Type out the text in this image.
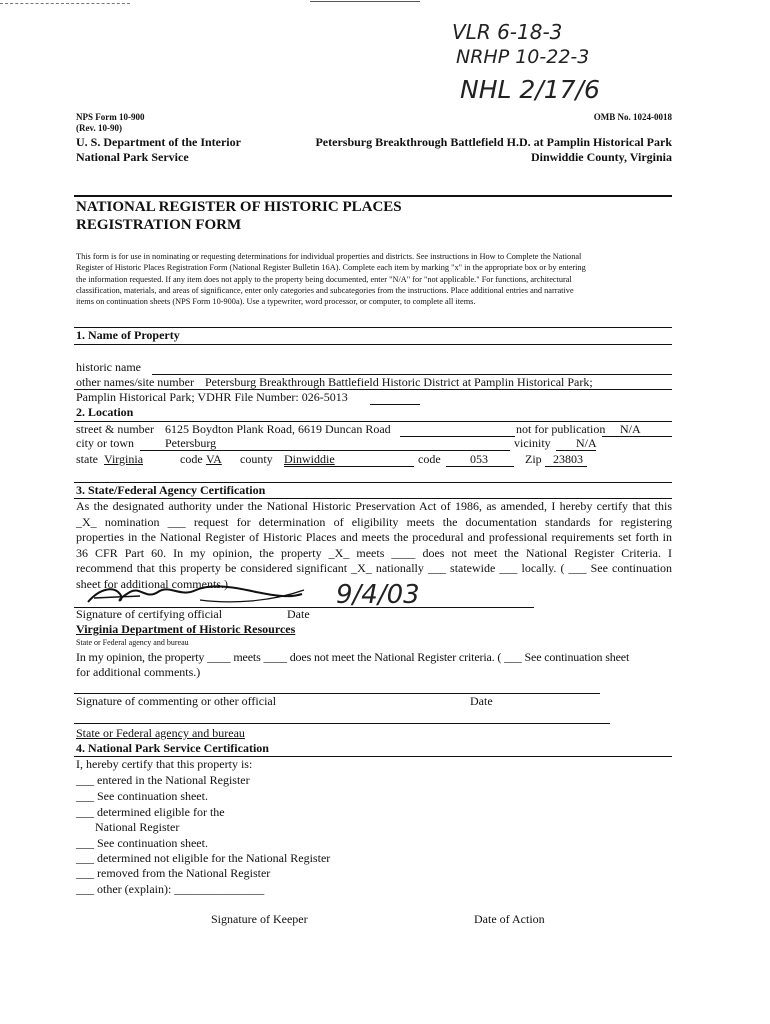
VLR 6-18-3
NRHP 10-22-3
NHL 2/17/6
NPS Form 10-900
(Rev. 10-90)
OMB No. 1024-0018
U. S. Department of the Interior
National Park Service
Petersburg Breakthrough Battlefield H.D. at Pamplin Historical Park
Dinwiddie County, Virginia
NATIONAL REGISTER OF HISTORIC PLACES
REGISTRATION FORM
This form is for use in nominating or requesting determinations for individual properties and districts. See instructions in How to Complete the National
Register of Historic Places Registration Form (National Register Bulletin 16A). Complete each item by marking "x" in the appropriate box or by entering
the information requested. If any item does not apply to the property being documented, enter "N/A" for "not applicable." For functions, architectural
classification, materials, and areas of significance, enter only categories and subcategories from the instructions. Place additional entries and narrative
items on continuation sheets (NPS Form 10-900a). Use a typewriter, word processor, or computer, to complete all items.
1. Name of Property
historic name
other names/site number Petersburg Breakthrough Battlefield Historic District at Pamplin Historical Park;
Pamplin Historical Park; VDHR File Number: 026-5013
2. Location
street & number 6125 Boydton Plank Road, 6619 Duncan Road	not for publication N/A
city or town	Petersburg	Vicinity N/A
state Virginia	code VA county Dinwiddie	code 053	Zip 23803
3. State/Federal Agency Certification
As the designated authority under the National Historic Preservation Act of 1986, as amended, I hereby certify that this
_X_ nomination ___ request for determination of eligibility meets the documentation standards for registering
properties in the National Register of Historic Places and meets the procedural and professional requirements set forth in
36 CFR Part 60. In my opinion, the property _X_ meets ____ does not meet the National Register Criteria. I
recommend that this property be considered significant _X_ nationally ___ statewide ___ locally. ( ___ See continuation
sheet for additional comments.)	9/4/03
Signature of certifying official	Date
Virginia Department of Historic Resources
State or Federal agency and bureau
In my opinion, the property ____ meets ____ does not meet the National Register criteria. ( ___ See continuation sheet
for additional comments.)
Signature of commenting or other official	Date
State or Federal agency and bureau
4. National Park Service Certification
I, hereby certify that this property is:
___ entered in the National Register
___ See continuation sheet.
___ determined eligible for the
National Register
___ See continuation sheet.
___ determined not eligible for the National Register
___ removed from the National Register
___ other (explain): _______________
Signature of Keeper	Date of Action
